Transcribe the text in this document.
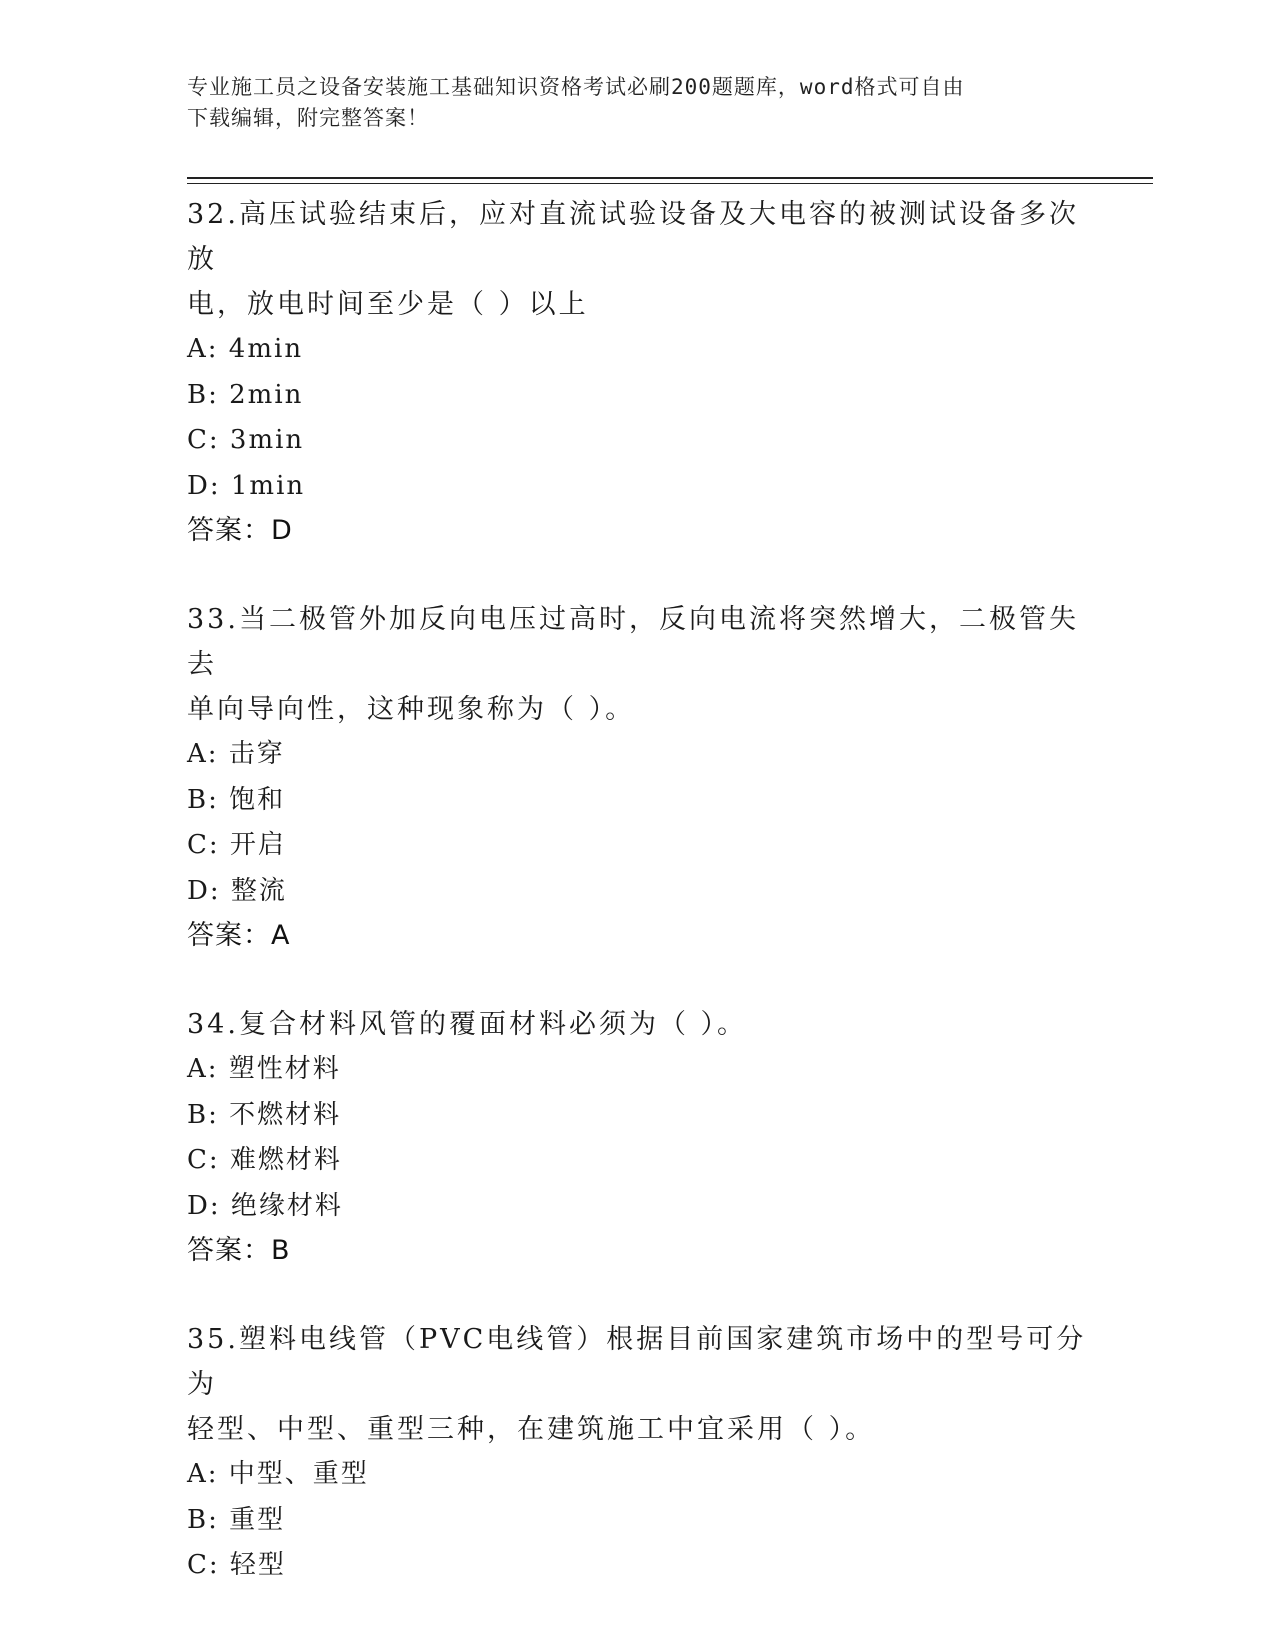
专业施工员之设备安装施工基础知识资格考试必刷200题题库，word格式可自由
下载编辑，附完整答案！
32.高压试验结束后，应对直流试验设备及大电容的被测试设备多次放
电，放电时间至少是（ ）以上
A: 4min
B: 2min
C: 3min
D: 1min
答案：D
33.当二极管外加反向电压过高时，反向电流将突然增大，二极管失去
单向导向性，这种现象称为（ ）。
A: 击穿
B: 饱和
C: 开启
D: 整流
答案：A
34.复合材料风管的覆面材料必须为（ ）。
A: 塑性材料
B: 不燃材料
C: 难燃材料
D: 绝缘材料
答案：B
35.塑料电线管（PVC电线管）根据目前国家建筑市场中的型号可分为
轻型、中型、重型三种，在建筑施工中宜采用（ ）。
A: 中型、重型
B: 重型
C: 轻型
